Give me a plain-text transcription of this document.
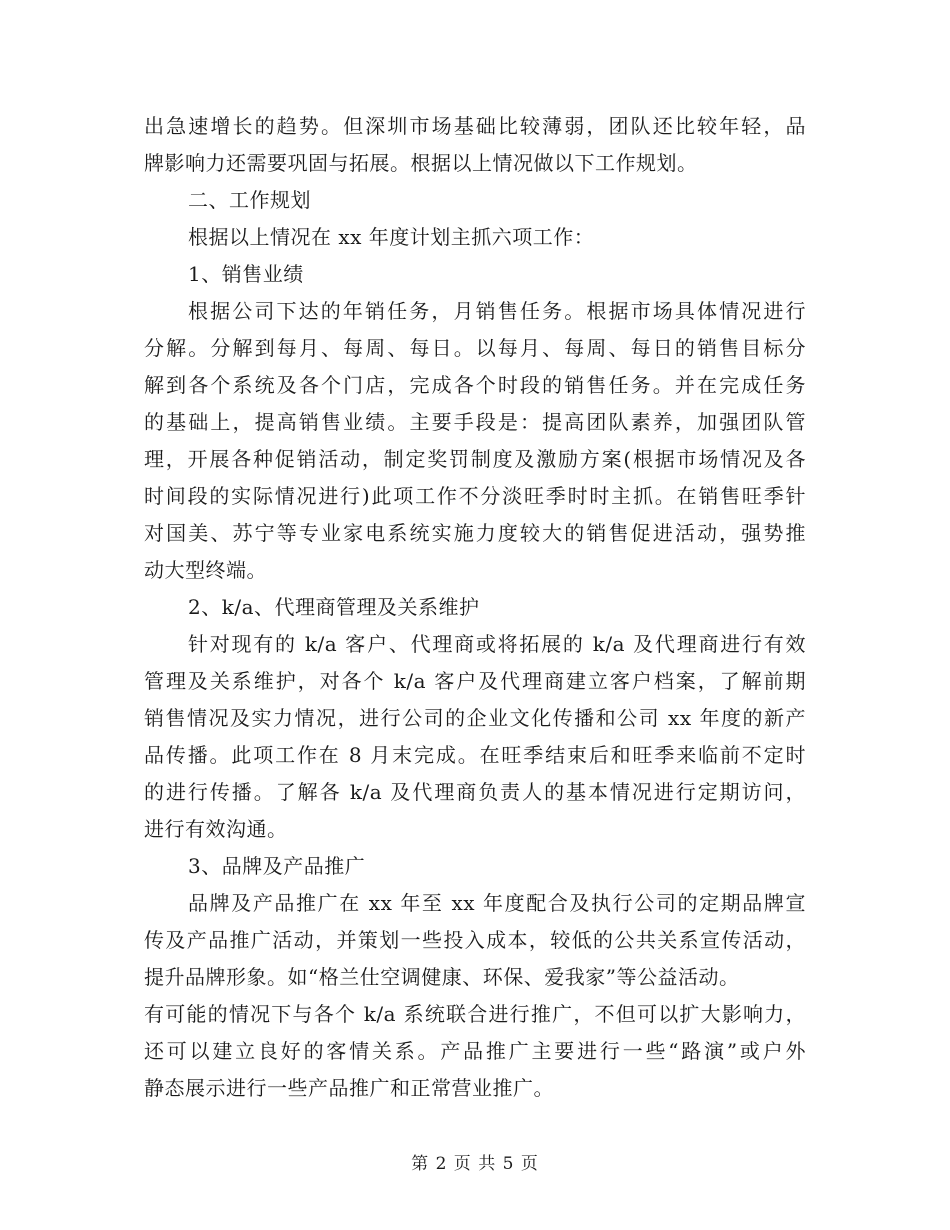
出急速增长的趋势。但深圳市场基础比较薄弱，团队还比较年轻，品
牌影响力还需要巩固与拓展。根据以上情况做以下工作规划。
二、工作规划
根据以上情况在 xx 年度计划主抓六项工作：
1、销售业绩
根据公司下达的年销任务，月销售任务。根据市场具体情况进行
分解。分解到每月、每周、每日。以每月、每周、每日的销售目标分
解到各个系统及各个门店，完成各个时段的销售任务。并在完成任务
的基础上，提高销售业绩。主要手段是：提高团队素养，加强团队管
理，开展各种促销活动，制定奖罚制度及激励方案(根据市场情况及各
时间段的实际情况进行)此项工作不分淡旺季时时主抓。在销售旺季针
对国美、苏宁等专业家电系统实施力度较大的销售促进活动，强势推
动大型终端。
2、k/a、代理商管理及关系维护
针对现有的 k/a 客户、代理商或将拓展的 k/a 及代理商进行有效
管理及关系维护，对各个 k/a 客户及代理商建立客户档案，了解前期
销售情况及实力情况，进行公司的企业文化传播和公司 xx 年度的新产
品传播。此项工作在 8 月末完成。在旺季结束后和旺季来临前不定时
的进行传播。了解各 k/a 及代理商负责人的基本情况进行定期访问，
进行有效沟通。
3、品牌及产品推广
品牌及产品推广在 xx 年至 xx 年度配合及执行公司的定期品牌宣
传及产品推广活动，并策划一些投入成本，较低的公共关系宣传活动，
提升品牌形象。如“格兰仕空调健康、环保、爱我家”等公益活动。
有可能的情况下与各个 k/a 系统联合进行推广，不但可以扩大影响力，
还可以建立良好的客情关系。产品推广主要进行一些“路演”或户外
静态展示进行一些产品推广和正常营业推广。
第 2 页 共 5 页
